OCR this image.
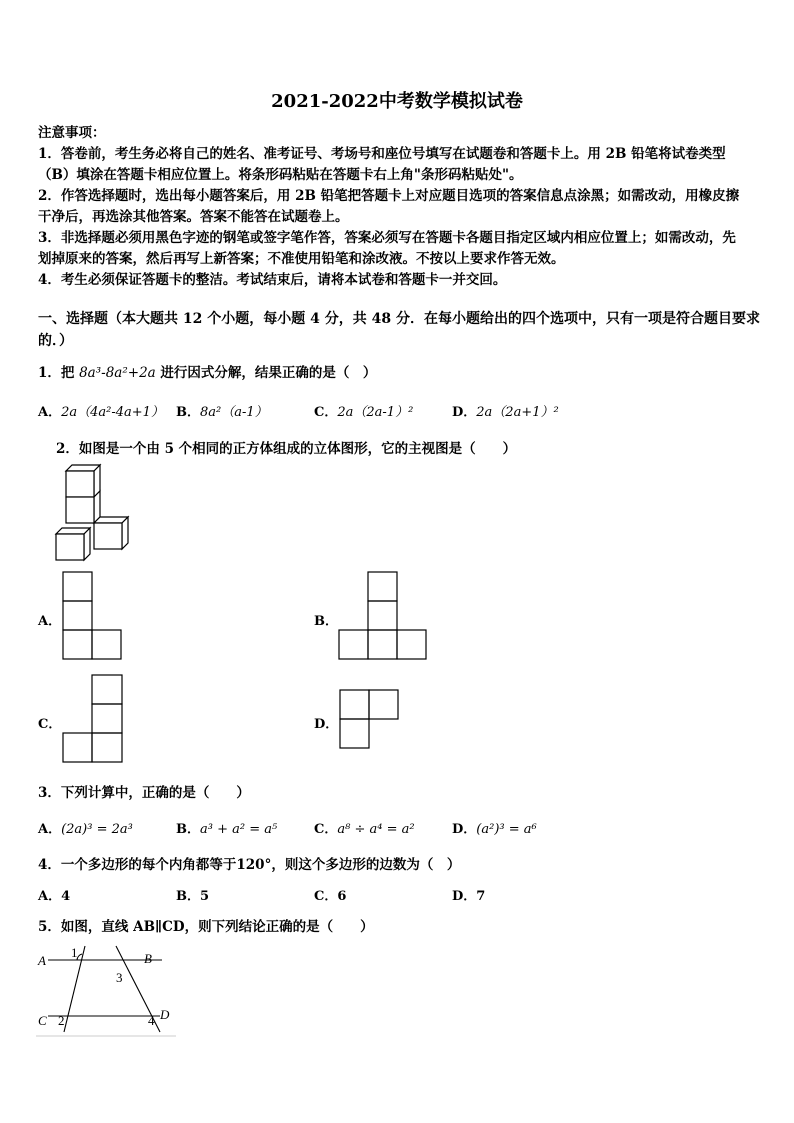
2021-2022中考数学模拟试卷
注意事项：
1．答卷前，考生务必将自己的姓名、准考证号、考场号和座位号填写在试题卷和答题卡上。用 2B 铅笔将试卷类型
（B）填涂在答题卡相应位置上。将条形码粘贴在答题卡右上角"条形码粘贴处"。
2．作答选择题时，选出每小题答案后，用 2B 铅笔把答题卡上对应题目选项的答案信息点涂黑；如需改动，用橡皮擦
干净后，再选涂其他答案。答案不能答在试题卷上。
3．非选择题必须用黑色字迹的钢笔或签字笔作答，答案必须写在答题卡各题目指定区域内相应位置上；如需改动，先
划掉原来的答案，然后再写上新答案；不准使用铅笔和涂改液。不按以上要求作答无效。
4．考生必须保证答题卡的整洁。考试结束后，请将本试卷和答题卡一并交回。
一、选择题（本大题共 12 个小题，每小题 4 分，共 48 分．在每小题给出的四个选项中，只有一项是符合题目要求
的．）
1．把 8a³-8a²+2a 进行因式分解，结果正确的是（　）
A．2a（4a²-4a+1） B．8a²（a-1）	C．2a（2a-1）²	D．2a（2a+1）²
2．如图是一个由 5 个相同的正方体组成的立体图形，它的主视图是（　　）
A．	B．
C．	D．
3．下列计算中，正确的是（　　）
A．(2a)³ = 2a³	B．a³ + a² = a⁵	C．a⁸ ÷ a⁴ = a²	D．(a²)³ = a⁶
4．一个多边形的每个内角都等于120°，则这个多边形的边数为（　）
A．4	B．5	C．6	D．7
5．如图，直线 AB∥CD，则下列结论正确的是（　　）
A	B
C	D
1
2
3
4
